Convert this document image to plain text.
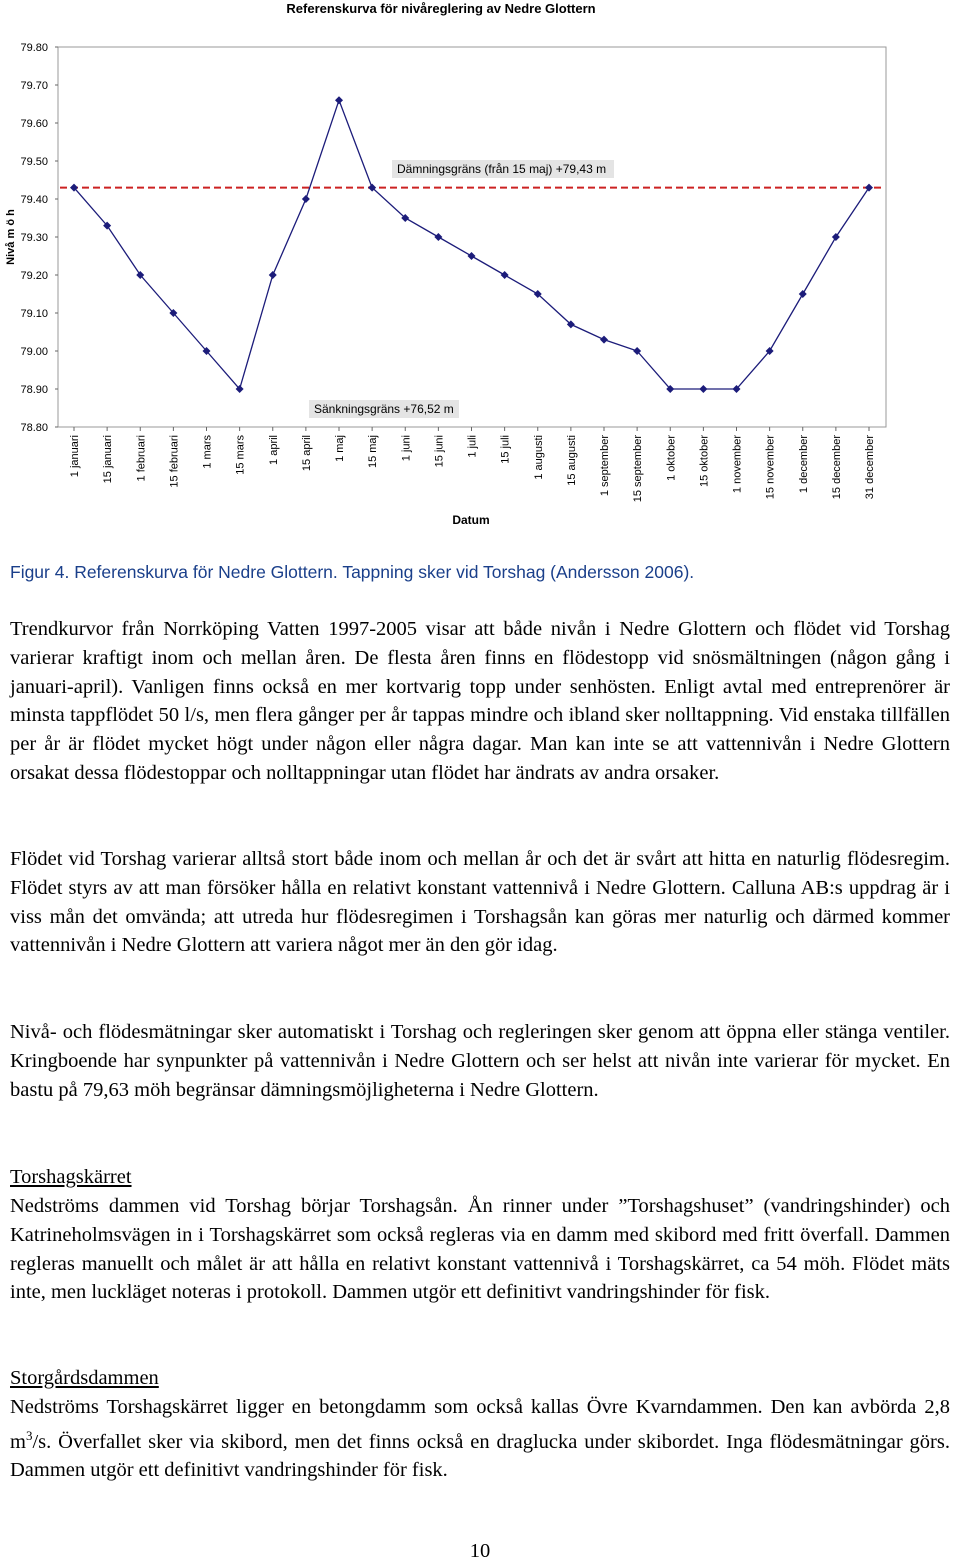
Referenskurva för nivåreglering av Nedre Glottern
79.80
79.70
79.60
79.50
79.40
79.30
79.20
79.10
79.00
78.90
78.80
1 januari 15 januari 1 februari 15 februari 1 mars 15 mars 1 april 15 april 1 maj 15 maj 1 juni 15 juni 1 juli 15 juli 1 augusti 15 augusti 1 september 15 september 1 oktober 15 oktober 1 november 15 november 1 december 15 december 31 december
Nivå m ö h
Datum
Dämningsgräns (från 15 maj) +79,43 m
Sänkningsgräns +76,52 m
Figur 4. Referenskurva för Nedre Glottern. Tappning sker vid Torshag (Andersson 2006).

Trendkurvor från Norrköping Vatten 1997-2005 visar att både nivån i Nedre Glottern och flödet vid Torshag varierar kraftigt inom och mellan åren. De flesta åren finns en flödestopp vid snösmältningen (någon gång i januari-april). Vanligen finns också en mer kortvarig topp under senhösten. Enligt avtal med entreprenörer är minsta tappflödet 50 l/s, men flera gånger per år tappas mindre och ibland sker nolltappning. Vid enstaka tillfällen per år är flödet mycket högt under någon eller några dagar. Man kan inte se att vattennivån i Nedre Glottern orsakat dessa flödestoppar och nolltappningar utan flödet har ändrats av andra orsaker.

Flödet vid Torshag varierar alltså stort både inom och mellan år och det är svårt att hitta en naturlig flödesregim. Flödet styrs av att man försöker hålla en relativt konstant vattennivå i Nedre Glottern. Calluna AB:s uppdrag är i viss mån det omvända; att utreda hur flödesregimen i Torshagsån kan göras mer naturlig och därmed kommer vattennivån i Nedre Glottern att variera något mer än den gör idag.

Nivå- och flödesmätningar sker automatiskt i Torshag och regleringen sker genom att öppna eller stänga ventiler. Kringboende har synpunkter på vattennivån i Nedre Glottern och ser helst att nivån inte varierar för mycket. En bastu på 79,63 möh begränsar dämningsmöjligheterna i Nedre Glottern.

Torshagskärret

Nedströms dammen vid Torshag börjar Torshagsån. Ån rinner under ”Torshagshuset” (vandringshinder) och Katrineholmsvägen in i Torshagskärret som också regleras via en damm med skibord med fritt överfall. Dammen regleras manuellt och målet är att hålla en relativt konstant vattennivå i Torshagskärret, ca 54 möh. Flödet mäts inte, men luckläget noteras i protokoll. Dammen utgör ett definitivt vandringshinder för fisk.

Storgårdsdammen

Nedströms Torshagskärret ligger en betongdamm som också kallas Övre Kvarndammen. Den kan avbörda 2,8 $m^3/s$. Överfallet sker via skibord, men det finns också en draglucka under skibordet. Inga flödesmätningar görs. Dammen utgör ett definitivt vandringshinder för fisk.

10
